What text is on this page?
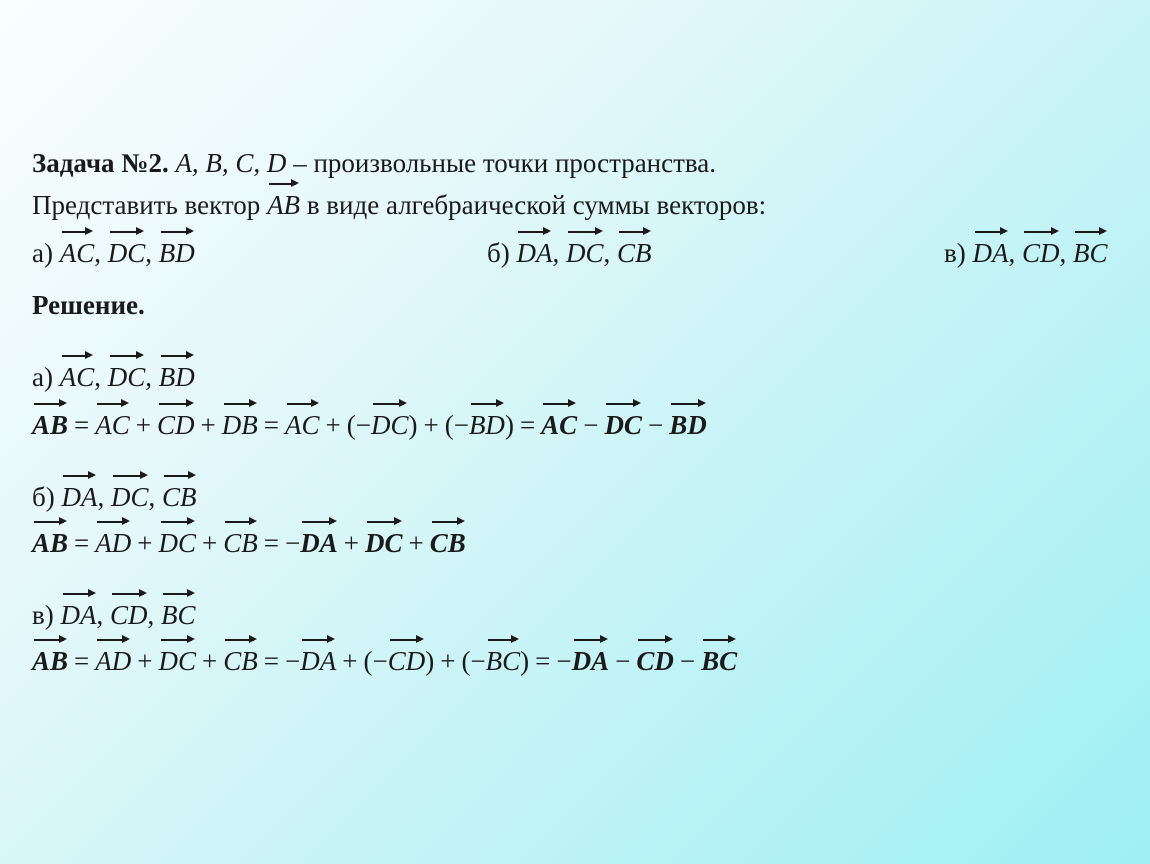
Задача №2. A, B, C, D – произвольные точки пространства.
Представить вектор AB в виде алгебраической суммы векторов:
а) AC, DC, BD	б) DA, DC, CB	в) DA, CD, BC
Решение.
а) AC, DC, BD
AB = AC + CD + DB = AC + (−DC) + (−BD) = AC − DC − BD
б) DA, DC, CB
AB = AD + DC + CB = −DA + DC + CB
в) DA, CD, BC
AB = AD + DC + CB = −DA + (−CD) + (−BC) = −DA − CD − BC
